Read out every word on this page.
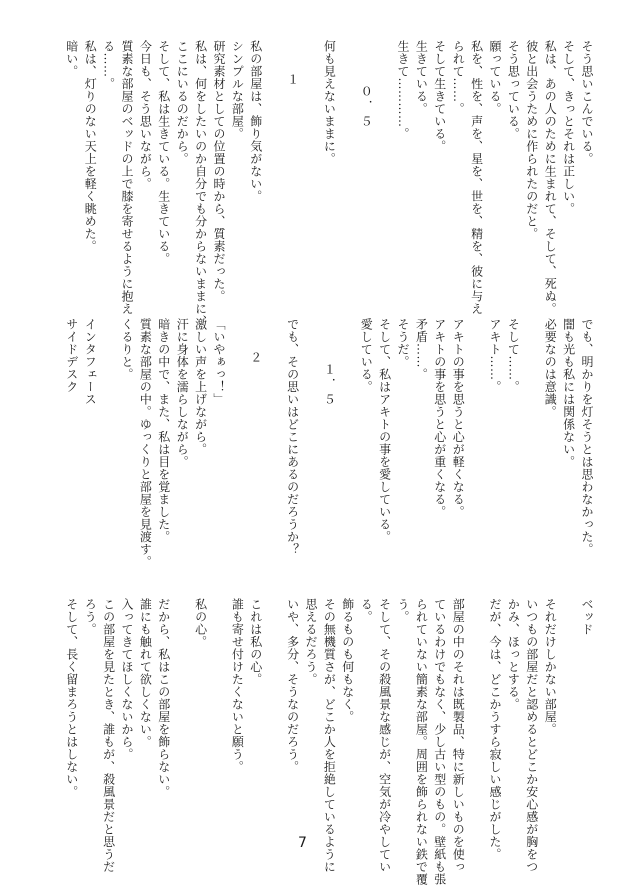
そう思いこんでいる。
そして、きっとそれは正しい。
私は、あの人のために生まれて、そして、死ぬ。
彼と出会うために作られたのだと。
そう思っている。
願っている。
私を、性を、声を、星を、世を、精を、彼に与え
られて……。
そして生きている。
生きている。
生きて…………。
０．５
何も見えないままに。
１
私の部屋は、飾り気がない。
シンプルな部屋。
研究素材としての位置の時から、質素だった。
私は、何をしたいのか自分でも分からないままに、
ここにいるのだから。
そして、私は生きている。生きている。
今日も、そう思いながら。
質素な部屋のベッドの上で膝を寄せるように抱え
る……。
私は、灯りのない天上を軽く眺めた。
暗い。
でも、明かりを灯そうとは思わなかった。
闇も光も私には関係ない。
必要なのは意識。
そして……。
アキト……。
アキトの事を思うと心が軽くなる。
アキトの事を思うと心が重くなる。
矛盾……。
そうだ。
そして、私はアキトの事を愛している。
愛している。
１．５
でも、その思いはどこにあるのだろうか？
２
「いやぁっ！」
激しい声を上げながら。
汗に身体を濡らしながら。
暗きの中で、また、私は目を覚ました。
質素な部屋の中。ゆっくりと部屋を見渡す。
くるりと。
インタフェース
サイドデスク
ベッド
それだけしかない部屋。
いつもの部屋だと認めるとどこか安心感が胸をつ
かみ、ほっとする。
だが、今は、どこかうすら寂しい感じがした。
部屋の中のそれは既製品、特に新しいものを使っ
ているわけでもなく、少し古い型のもの。壁紙も張
られていない簡素な部屋。周囲を飾られない鉄で覆
う。
そして、その殺風景な感じが、空気が冷やしてい
る。
飾るものも何もなく。
その無機質さが、どこか人を拒絶しているように
思えるだろう。
いや、多分、そうなのだろう。
これは私の心。
誰も寄せ付けたくないと願う。
私の心。
だから、私はこの部屋を飾らない。
誰にも触れて欲しくない。
入ってきてほしくないから。
この部屋を見たとき、誰もが、殺風景だと思うだ
ろう。
そして、長く留まろうとはしない。
7
